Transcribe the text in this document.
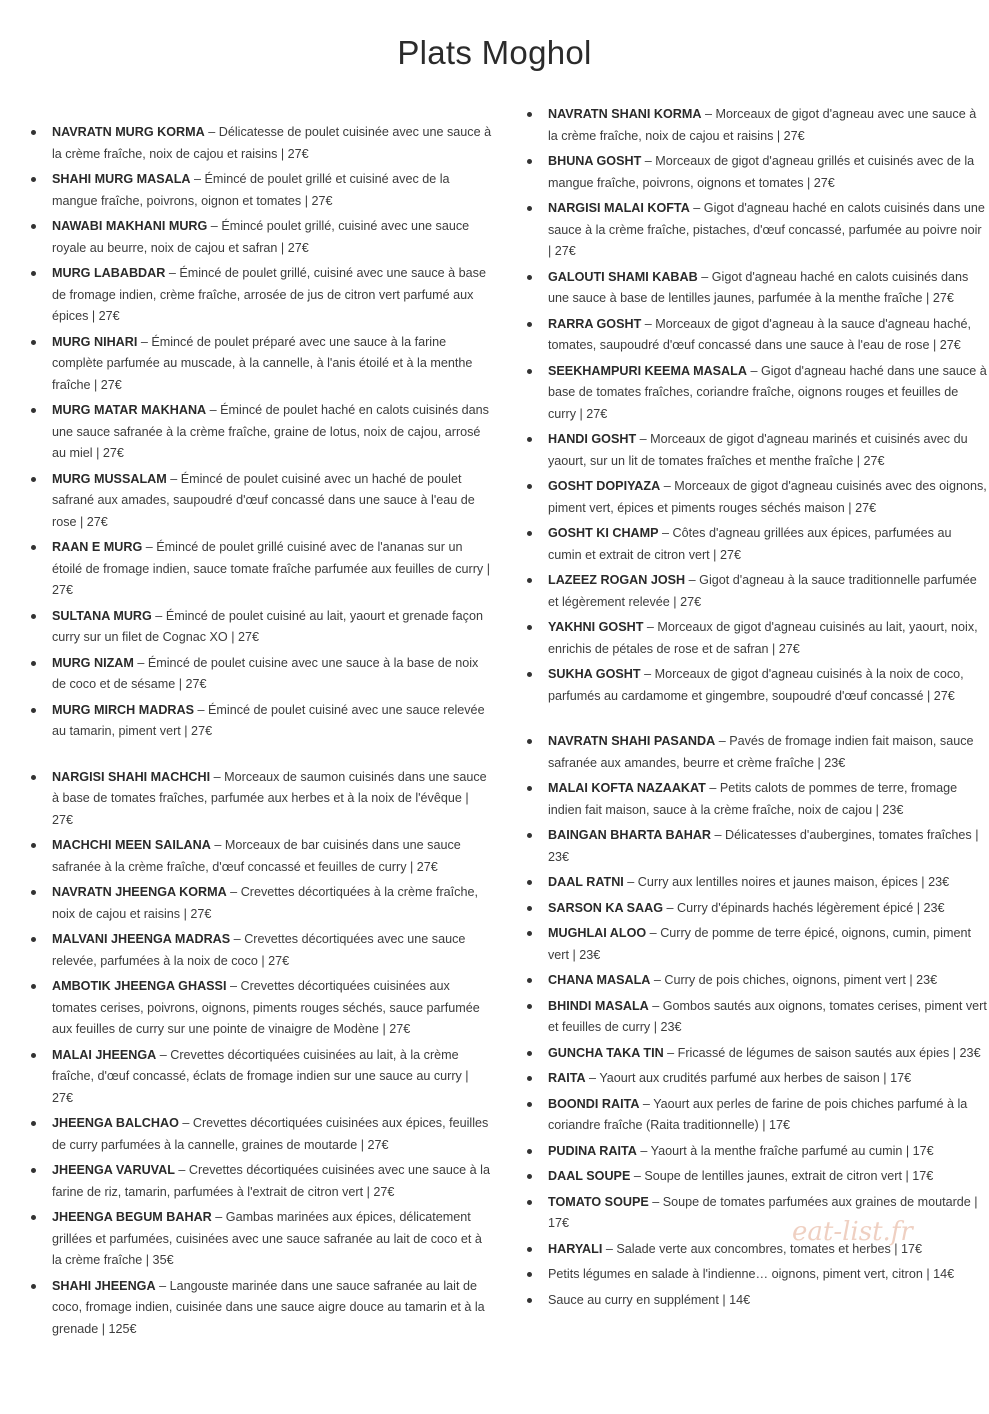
Plats Moghol
NAVRATN MURG KORMA – Délicatesse de poulet cuisinée avec une sauce à la crème fraîche, noix de cajou et raisins | 27€
SHAHI MURG MASALA – Émincé de poulet grillé et cuisiné avec de la mangue fraîche, poivrons, oignon et tomates | 27€
NAWABI MAKHANI MURG – Émincé poulet grillé, cuisiné avec une sauce royale au beurre, noix de cajou et safran | 27€
MURG LABABDAR – Émincé de poulet grillé, cuisiné avec une sauce à base de fromage indien, crème fraîche, arrosée de jus de citron vert parfumé aux épices | 27€
MURG NIHARI – Émincé de poulet préparé avec une sauce à la farine complète parfumée au muscade, à la cannelle, à l'anis étoilé et à la menthe fraîche | 27€
MURG MATAR MAKHANA – Émincé de poulet haché en calots cuisinés dans une sauce safranée à la crème fraîche, graine de lotus, noix de cajou, arrosé au miel | 27€
MURG MUSSALAM – Émincé de poulet cuisiné avec un haché de poulet safrané aux amades, saupoudré d'œuf concassé dans une sauce à l'eau de rose | 27€
RAAN E MURG – Émincé de poulet grillé cuisiné avec de l'ananas sur un étoilé de fromage indien, sauce tomate fraîche parfumée aux feuilles de curry | 27€
SULTANA MURG – Émincé de poulet cuisiné au lait, yaourt et grenade façon curry sur un filet de Cognac XO | 27€
MURG NIZAM – Émincé de poulet cuisine avec une sauce à la base de noix de coco et de sésame | 27€
MURG MIRCH MADRAS – Émincé de poulet cuisiné avec une sauce relevée au tamarin, piment vert | 27€
NARGISI SHAHI MACHCHI – Morceaux de saumon cuisinés dans une sauce à base de tomates fraîches, parfumée aux herbes et à la noix de l'évêque | 27€
MACHCHI MEEN SAILANA – Morceaux de bar cuisinés dans une sauce safranée à la crème fraîche, d'œuf concassé et feuilles de curry | 27€
NAVRATN JHEENGA KORMA – Crevettes décortiquées à la crème fraîche, noix de cajou et raisins | 27€
MALVANI JHEENGA MADRAS – Crevettes décortiquées avec une sauce relevée, parfumées à la noix de coco | 27€
AMBOTIK JHEENGA GHASSI – Crevettes décortiquées cuisinées aux tomates cerises, poivrons, oignons, piments rouges séchés, sauce parfumée aux feuilles de curry sur une pointe de vinaigre de Modène | 27€
MALAI JHEENGA – Crevettes décortiquées cuisinées au lait, à la crème fraîche, d'œuf concassé, éclats de fromage indien sur une sauce au curry | 27€
JHEENGA BALCHAO – Crevettes décortiquées cuisinées aux épices, feuilles de curry parfumées à la cannelle, graines de moutarde | 27€
JHEENGA VARUVAL – Crevettes décortiquées cuisinées avec une sauce à la farine de riz, tamarin, parfumées à l'extrait de citron vert | 27€
JHEENGA BEGUM BAHAR – Gambas marinées aux épices, délicatement grillées et parfumées, cuisinées avec une sauce safranée au lait de coco et à la crème fraîche | 35€
SHAHI JHEENGA – Langouste marinée dans une sauce safranée au lait de coco, fromage indien, cuisinée dans une sauce aigre douce au tamarin et à la grenade | 125€
NAVRATN SHANI KORMA – Morceaux de gigot d'agneau avec une sauce à la crème fraîche, noix de cajou et raisins | 27€
BHUNA GOSHT – Morceaux de gigot d'agneau grillés et cuisinés avec de la mangue fraîche, poivrons, oignons et tomates | 27€
NARGISI MALAI KOFTA – Gigot d'agneau haché en calots cuisinés dans une sauce à la crème fraîche, pistaches, d'œuf concassé, parfumée au poivre noir | 27€
GALOUTI SHAMI KABAB – Gigot d'agneau haché en calots cuisinés dans une sauce à base de lentilles jaunes, parfumée à la menthe fraîche | 27€
RARRA GOSHT – Morceaux de gigot d'agneau à la sauce d'agneau haché, tomates, saupoudré d'œuf concassé dans une sauce à l'eau de rose | 27€
SEEKHAMPURI KEEMA MASALA – Gigot d'agneau haché dans une sauce à base de tomates fraîches, coriandre fraîche, oignons rouges et feuilles de curry | 27€
HANDI GOSHT – Morceaux de gigot d'agneau marinés et cuisinés avec du yaourt, sur un lit de tomates fraîches et menthe fraîche | 27€
GOSHT DOPIYAZA – Morceaux de gigot d'agneau cuisinés avec des oignons, piment vert, épices et piments rouges séchés maison | 27€
GOSHT KI CHAMP – Côtes d'agneau grillées aux épices, parfumées au cumin et extrait de citron vert | 27€
LAZEEZ ROGAN JOSH – Gigot d'agneau à la sauce traditionnelle parfumée et légèrement relevée | 27€
YAKHNI GOSHT – Morceaux de gigot d'agneau cuisinés au lait, yaourt, noix, enrichis de pétales de rose et de safran | 27€
SUKHA GOSHT – Morceaux de gigot d'agneau cuisinés à la noix de coco, parfumés au cardamome et gingembre, soupoudré d'œuf concassé | 27€
NAVRATN SHAHI PASANDA – Pavés de fromage indien fait maison, sauce safranée aux amandes, beurre et crème fraîche | 23€
MALAI KOFTA NAZAAKAT – Petits calots de pommes de terre, fromage indien fait maison, sauce à la crème fraîche, noix de cajou | 23€
BAINGAN BHARTA BAHAR – Délicatesses d'aubergines, tomates fraîches | 23€
DAAL RATNI – Curry aux lentilles noires et jaunes maison, épices | 23€
SARSON KA SAAG – Curry d'épinards hachés légèrement épicé | 23€
MUGHLAI ALOO – Curry de pomme de terre épicé, oignons, cumin, piment vert | 23€
CHANA MASALA – Curry de pois chiches, oignons, piment vert | 23€
BHINDI MASALA – Gombos sautés aux oignons, tomates cerises, piment vert et feuilles de curry | 23€
GUNCHA TAKA TIN – Fricassé de légumes de saison sautés aux épies | 23€
RAITA – Yaourt aux crudités parfumé aux herbes de saison | 17€
BOONDI RAITA – Yaourt aux perles de farine de pois chiches parfumé à la coriandre fraîche (Raita traditionnelle) | 17€
PUDINA RAITA – Yaourt à la menthe fraîche parfumé au cumin | 17€
DAAL SOUPE – Soupe de lentilles jaunes, extrait de citron vert | 17€
TOMATO SOUPE – Soupe de tomates parfumées aux graines de moutarde | 17€
HARYALI – Salade verte aux concombres, tomates et herbes | 17€
Petits légumes en salade à l'indienne… oignons, piment vert, citron | 14€
Sauce au curry en supplément | 14€
eat-list.fr
